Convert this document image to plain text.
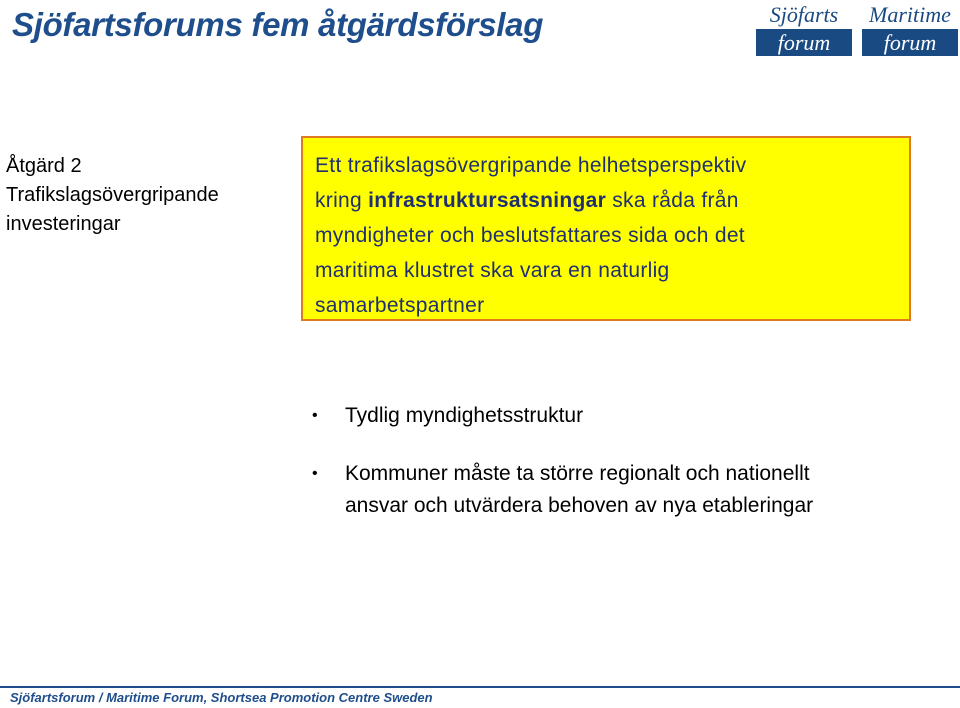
Sjöfartsforums fem åtgärdsförslag	Sjöfarts
forum
Maritime
forum
Åtgärd 2
Trafikslagsövergripande
investeringar
Ett trafikslagsövergripande helhetsperspektiv
kring infrastruktursatsningar ska råda från
myndigheter och beslutsfattares sida och det
maritima klustret ska vara en naturlig
samarbetspartner
• Tydlig myndighetsstruktur
• Kommuner måste ta större regionalt och nationellt
ansvar och utvärdera behoven av nya etableringar
Sjöfartsforum / Maritime Forum, Shortsea Promotion Centre Sweden
